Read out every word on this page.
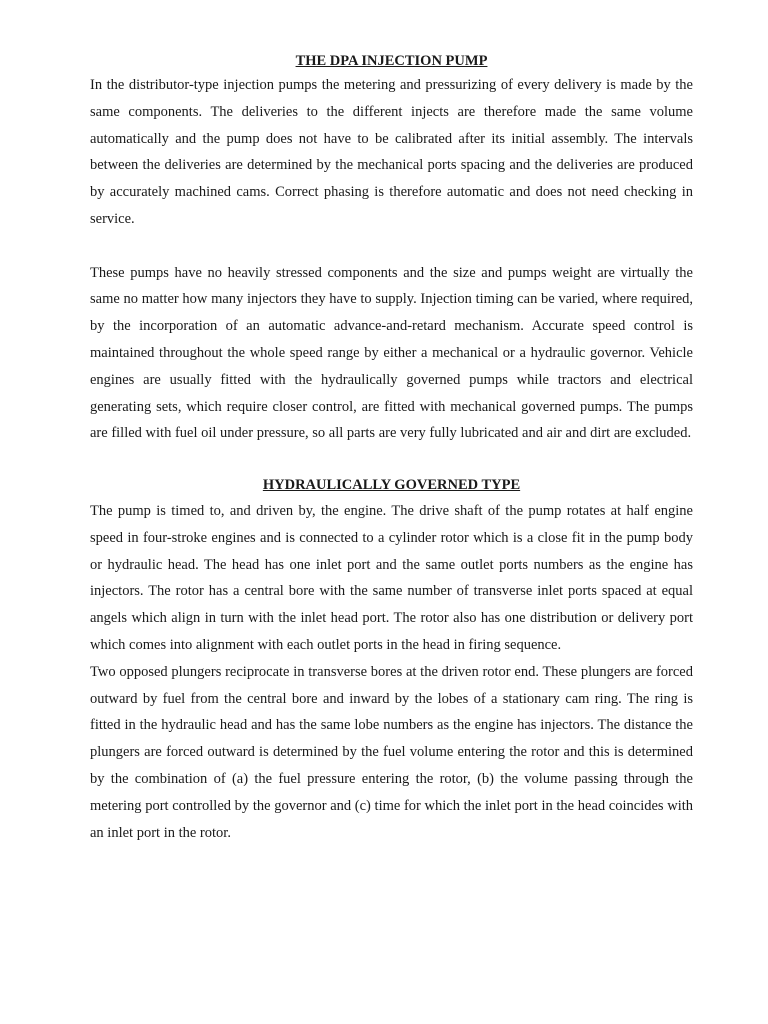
THE DPA INJECTION PUMP

In the distributor-type injection pumps the metering and pressurizing of every delivery is made by the same components. The deliveries to the different injects are therefore made the same volume automatically and the pump does not have to be calibrated after its initial assembly. The intervals between the deliveries are determined by the mechanical ports spacing and the deliveries are produced by accurately machined cams. Correct phasing is therefore automatic and does not need checking in service.

These pumps have no heavily stressed components and the size and pumps weight are virtually the same no matter how many injectors they have to supply. Injection timing can be varied, where required, by the incorporation of an automatic advance-and-retard mechanism. Accurate speed control is maintained throughout the whole speed range by either a mechanical or a hydraulic governor. Vehicle engines are usually fitted with the hydraulically governed pumps while tractors and electrical generating sets, which require closer control, are fitted with mechanical governed pumps. The pumps are filled with fuel oil under pressure, so all parts are very fully lubricated and air and dirt are excluded.

HYDRAULICALLY GOVERNED TYPE

The pump is timed to, and driven by, the engine. The drive shaft of the pump rotates at half engine speed in four-stroke engines and is connected to a cylinder rotor which is a close fit in the pump body or hydraulic head. The head has one inlet port and the same outlet ports numbers as the engine has injectors. The rotor has a central bore with the same number of transverse inlet ports spaced at equal angels which align in turn with the inlet head port. The rotor also has one distribution or delivery port which comes into alignment with each outlet ports in the head in firing sequence.

Two opposed plungers reciprocate in transverse bores at the driven rotor end. These plungers are forced outward by fuel from the central bore and inward by the lobes of a stationary cam ring. The ring is fitted in the hydraulic head and has the same lobe numbers as the engine has injectors. The distance the plungers are forced outward is determined by the fuel volume entering the rotor and this is determined by the combination of (a) the fuel pressure entering the rotor, (b) the volume passing through the metering port controlled by the governor and (c) time for which the inlet port in the head coincides with an inlet port in the rotor.
